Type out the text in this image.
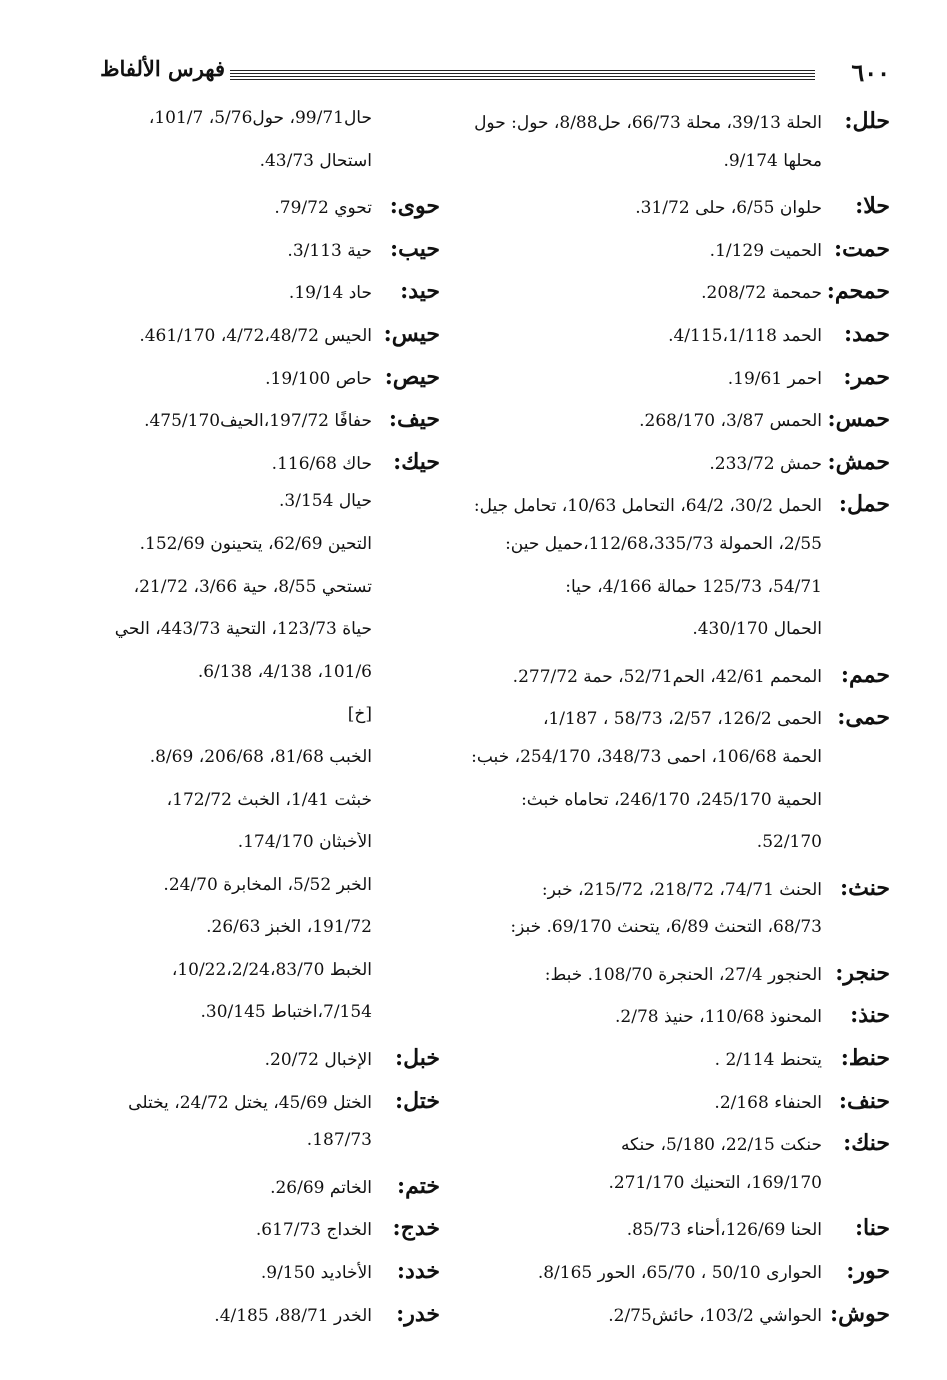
٦٠٠
فهرس الألفاظ
حلل:
الحلة 39/13، محلة 66/73، حل8/88، حول: حول
محلها 9/174.
حلا:
حلوان 6/55، حلى 31/72.
حمت:
الحميت 1/129.
حمحم:
حمحمة 208/72.
حمد:
الحمد 4/115،1/118.
حمر:
احمر 19/61.
حمس:
الحمس 3/87، 268/170.
حمش:
حمش 233/72.
حمل:
الحمل 30/2، 64/2، التحامل 10/63، تحامل جيل:
2/55، الحمولة 112/68،335/73،حميل حين:
54/71، 125/73 حمالة 4/166، حيا:
الحمال 430/170.
حمم:
المحمم 42/61، الحم52/71، حمة 277/72.
حمى:
الحمى 126/2، 2/57، 58/73 ، 1/187،
الحمة 106/68، احمى 348/73، 254/170، خبب:
الحمية 245/170، 246/170، تحاماه خبث:
52/170.
حنث:
الحنث 74/71، 218/72، 215/72، خبر:
68/73، التحنث 6/89، يتحنث 69/170. خبز:
حنجر:
الحنجور 27/4، الحنجرة 108/70. خبط:
حنذ:
المحنوذ 110/68، حنيذ 2/78.
حنط:
يتحنط 2/114 .
حنف:
الحنفاء 2/168.
حنك:
حنكت 22/15، 5/180، حنكه
169/170، التحنيك 271/170.
حنا:
الحنا 126/69،أحناء 85/73.
حور:
الحوارى 50/10 ، 65/70، الحور 8/165.
حوش:
الحواشي 103/2، حائش2/75.
حال99/71، حول5/76، 101/7،
استحال 43/73.
حوى:
تحوي 79/72.
حيب:
حية 3/113.
حيد:
حاد 19/14.
حيس:
الحيس 4/72،48/72، 461/170.
حيص:
حاص 19/100.
حيف:
حفافًا 197/72،الحيف475/170.
حيك:
حاك 116/68.
حيال 3/154.
التحين 62/69، يتحينون 152/69.
تستحي 8/55، حية 3/66، 21/72،
حياة 123/73، التحية 443/73، الحي
101/6، 4/138، 6/138.
[خ]
الخبب 81/68، 206/68، 8/69.
خبثت 1/41، الخبث 172/72،
الأخبثان 174/170.
الخبر 5/52، المخابرة 24/70.
191/72، الخبز 26/63.
الخبط 10/22،2/24،83/70،
7/154،اختباط 30/145.
خبل:
الإخبال 20/72.
ختل:
الختل 45/69، يختل 24/72، يختلى
187/73.
ختم:
الخاتم 26/69.
خدج:
الخداج 617/73.
خدد:
الأخاديد 9/150.
خدر:
الخدر 88/71، 4/185.
